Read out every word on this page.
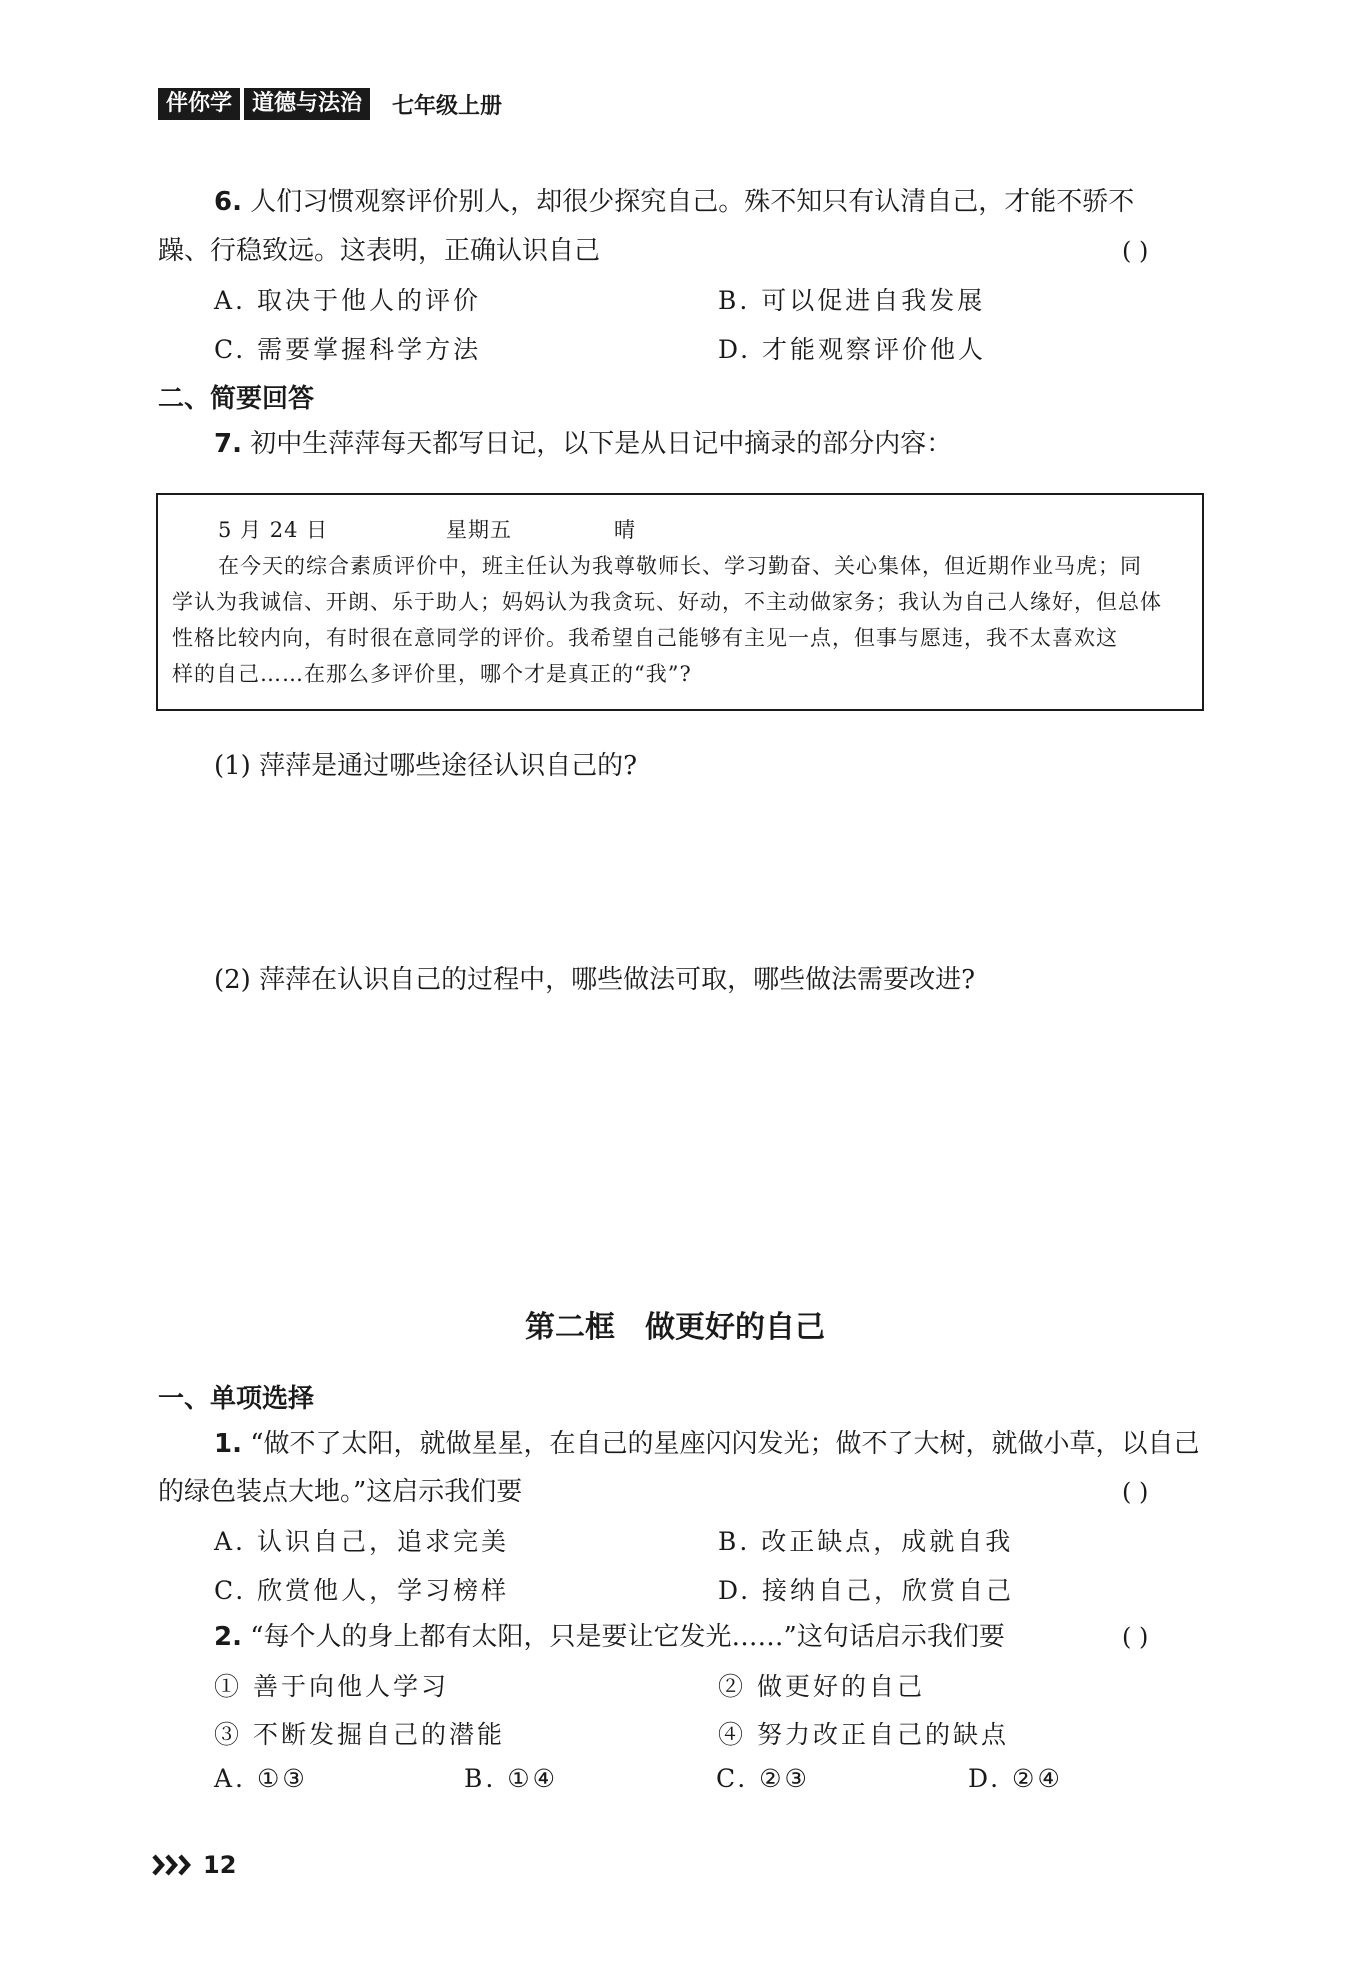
伴你学 道德与法治	七年级上册
6. 人们习惯观察评价别人，却很少探究自己。殊不知只有认清自己，才能不骄不
躁、行稳致远。这表明，正确认识自己	( )
A. 取决于他人的评价	B. 可以促进自我发展
C. 需要掌握科学方法	D. 才能观察评价他人
二、简要回答
7. 初中生萍萍每天都写日记，以下是从日记中摘录的部分内容：
5 月 24 日	星期五	晴
在今天的综合素质评价中，班主任认为我尊敬师长、学习勤奋、关心集体，但近期作业马虎；同
学认为我诚信、开朗、乐于助人；妈妈认为我贪玩、好动，不主动做家务；我认为自己人缘好，但总体
性格比较内向，有时很在意同学的评价。我希望自己能够有主见一点，但事与愿违，我不太喜欢这
样的自己……在那么多评价里，哪个才是真正的“我”?
(1) 萍萍是通过哪些途径认识自己的?
(2) 萍萍在认识自己的过程中，哪些做法可取，哪些做法需要改进?
第二框　做更好的自己
一、单项选择
1. “做不了太阳，就做星星，在自己的星座闪闪发光；做不了大树，就做小草，以自己
的绿色装点大地。”这启示我们要	( )
A. 认识自己，追求完美	B. 改正缺点，成就自我
C. 欣赏他人，学习榜样	D. 接纳自己，欣赏自己
2. “每个人的身上都有太阳，只是要让它发光……”这句话启示我们要	( )
① 善于向他人学习	② 做更好的自己
③ 不断发掘自己的潜能	④ 努力改正自己的缺点
A. ①③	B. ①④	C. ②③	D. ②④
12
